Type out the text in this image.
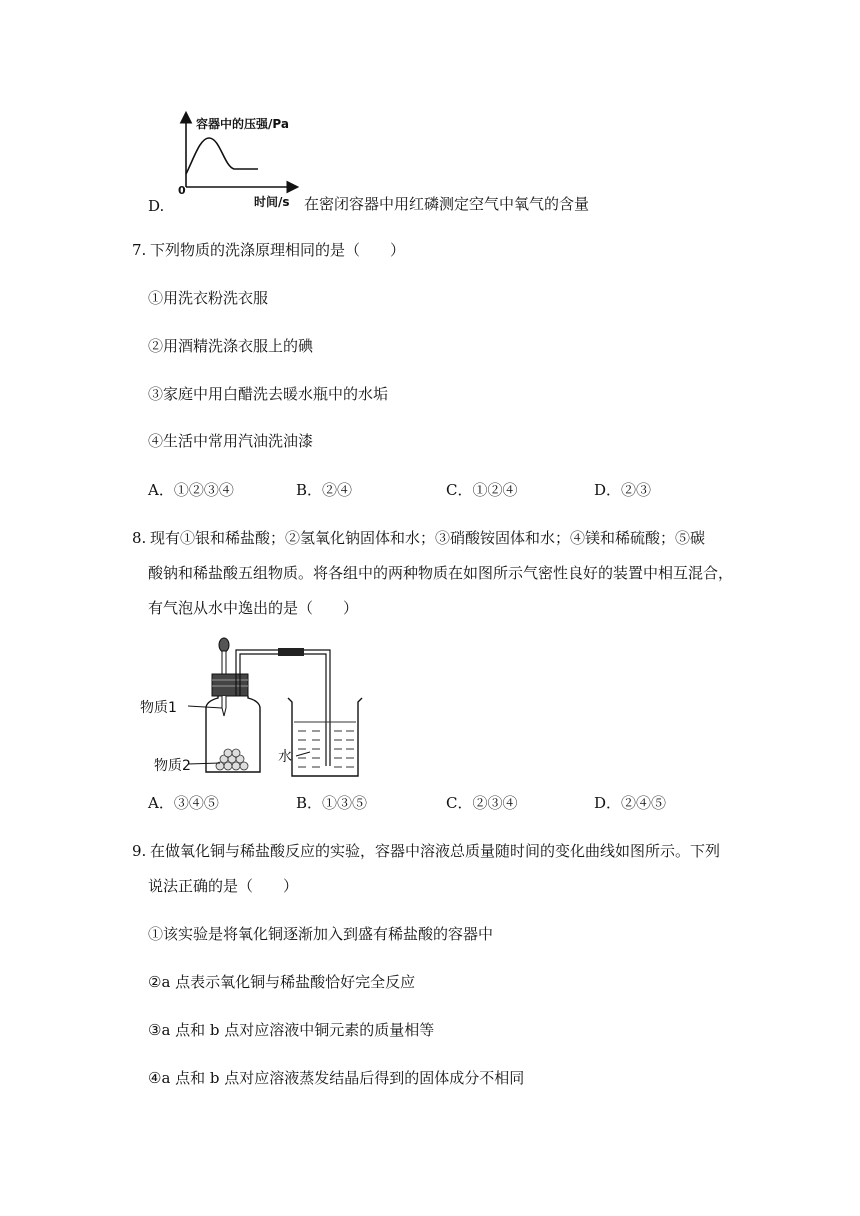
容器中的压强/Pa
0
时间/s
D.	在密闭容器中用红磷测定空气中氧气的含量
7. 下列物质的洗涤原理相同的是（　　）
①用洗衣粉洗衣服
②用酒精洗涤衣服上的碘
③家庭中用白醋洗去暖水瓶中的水垢
④生活中常用汽油洗油漆
A．①②③④	B．②④	C．①②④	D．②③
8. 现有①银和稀盐酸；②氢氧化钠固体和水；③硝酸铵固体和水；④镁和稀硫酸；⑤碳
酸钠和稀盐酸五组物质。将各组中的两种物质在如图所示气密性良好的装置中相互混合，
有气泡从水中逸出的是（　　）
物质1
物质2
水
A．③④⑤	B．①③⑤	C．②③④	D．②④⑤
9. 在做氧化铜与稀盐酸反应的实验，容器中溶液总质量随时间的变化曲线如图所示。下列
说法正确的是（　　）
①该实验是将氧化铜逐渐加入到盛有稀盐酸的容器中
②a 点表示氧化铜与稀盐酸恰好完全反应
③a 点和 b 点对应溶液中铜元素的质量相等
④a 点和 b 点对应溶液蒸发结晶后得到的固体成分不相同
